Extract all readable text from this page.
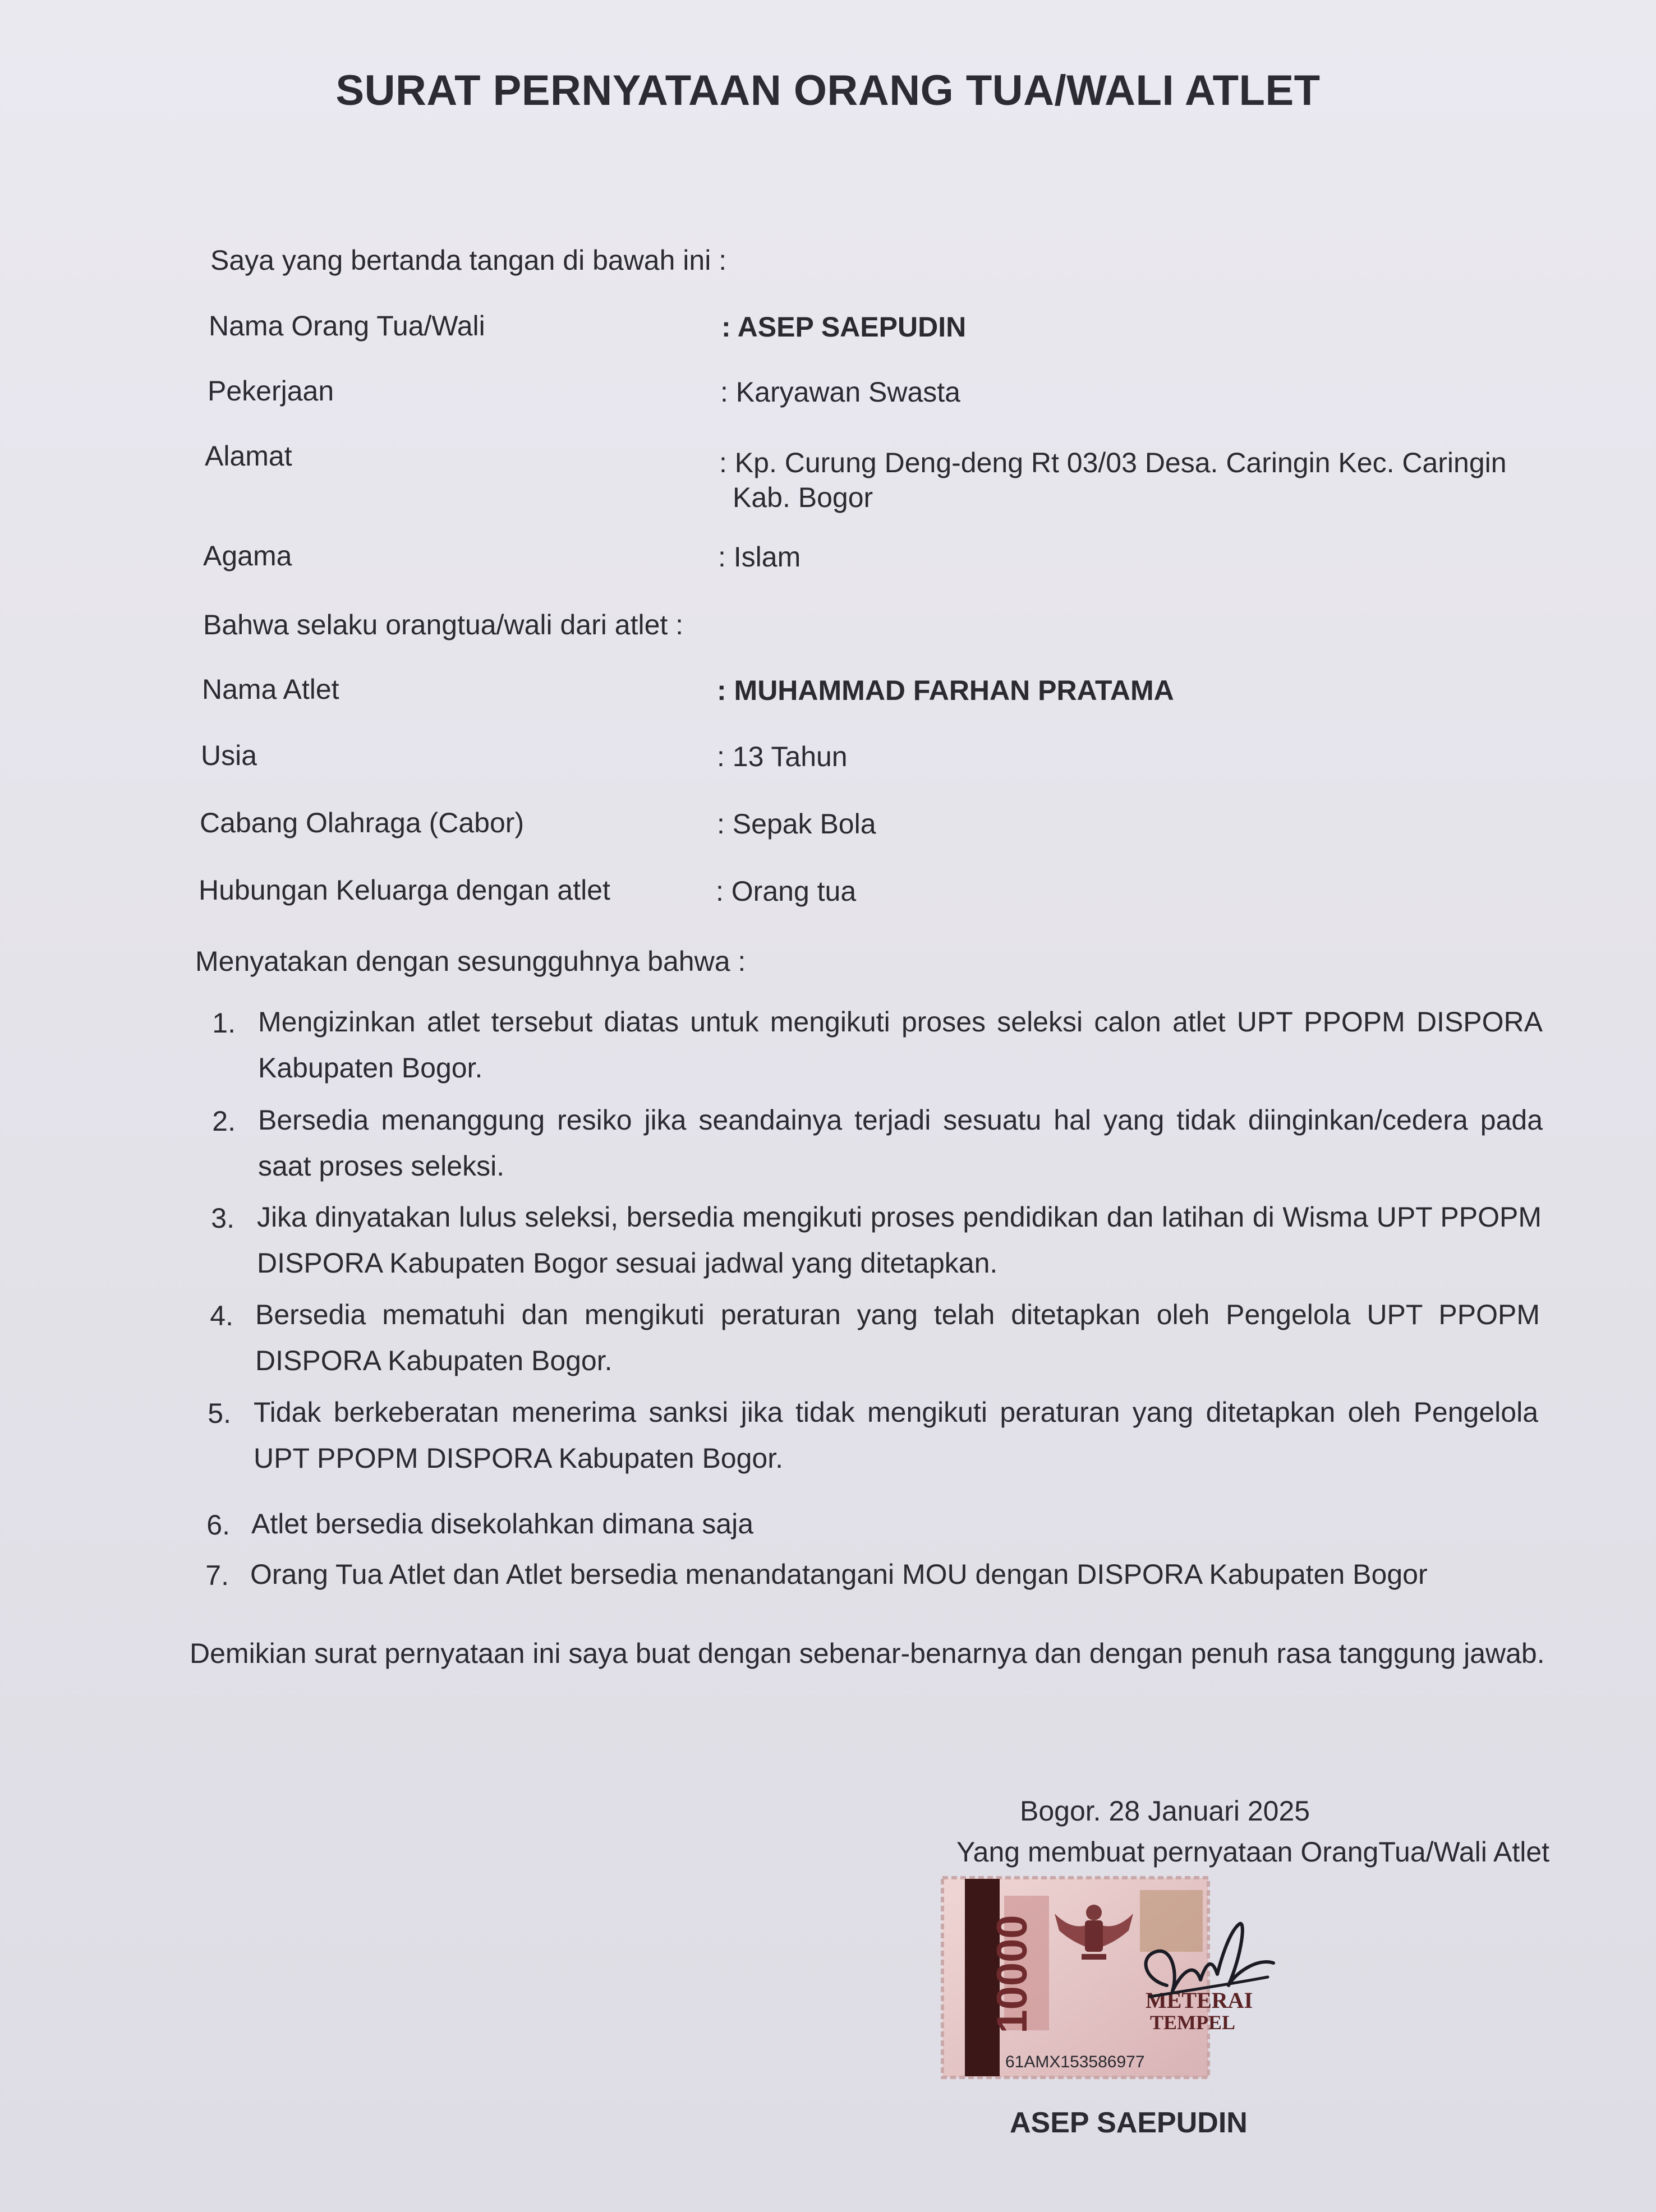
SURAT PERNYATAAN ORANG TUA/WALI ATLET
Saya yang bertanda tangan di bawah ini :
Nama Orang Tua/Wali	: ASEP SAEPUDIN
Pekerjaan	: Karyawan Swasta
Alamat	: Kp. Curung Deng-deng Rt 03/03 Desa. Caringin Kec. Caringin Kab. Bogor
Agama	: Islam
Bahwa selaku orangtua/wali dari atlet :
Nama Atlet	: MUHAMMAD FARHAN PRATAMA
Usia	: 13 Tahun
Cabang Olahraga (Cabor)	: Sepak Bola
Hubungan Keluarga dengan atlet	: Orang tua
Menyatakan dengan sesungguhnya bahwa :
1. Mengizinkan atlet tersebut diatas untuk mengikuti proses seleksi calon atlet UPT PPOPM DISPORA Kabupaten Bogor.
2. Bersedia menanggung resiko jika seandainya terjadi sesuatu hal yang tidak diinginkan/cedera pada saat proses seleksi.
3. Jika dinyatakan lulus seleksi, bersedia mengikuti proses pendidikan dan latihan di Wisma UPT PPOPM DISPORA Kabupaten Bogor sesuai jadwal yang ditetapkan.
4. Bersedia mematuhi dan mengikuti peraturan yang telah ditetapkan oleh Pengelola UPT PPOPM DISPORA Kabupaten Bogor.
5. Tidak berkeberatan menerima sanksi jika tidak mengikuti peraturan yang ditetapkan oleh Pengelola UPT PPOPM DISPORA Kabupaten Bogor.
6. Atlet bersedia disekolahkan dimana saja
7. Orang Tua Atlet dan Atlet bersedia menandatangani MOU dengan DISPORA Kabupaten Bogor
Demikian surat pernyataan ini saya buat dengan sebenar-benarnya dan dengan penuh rasa tanggung jawab.
Bogor. 28 Januari 2025
Yang membuat pernyataan OrangTua/Wali Atlet
10000	METERAI
TEMPEL
61AMX153586977
ASEP SAEPUDIN
